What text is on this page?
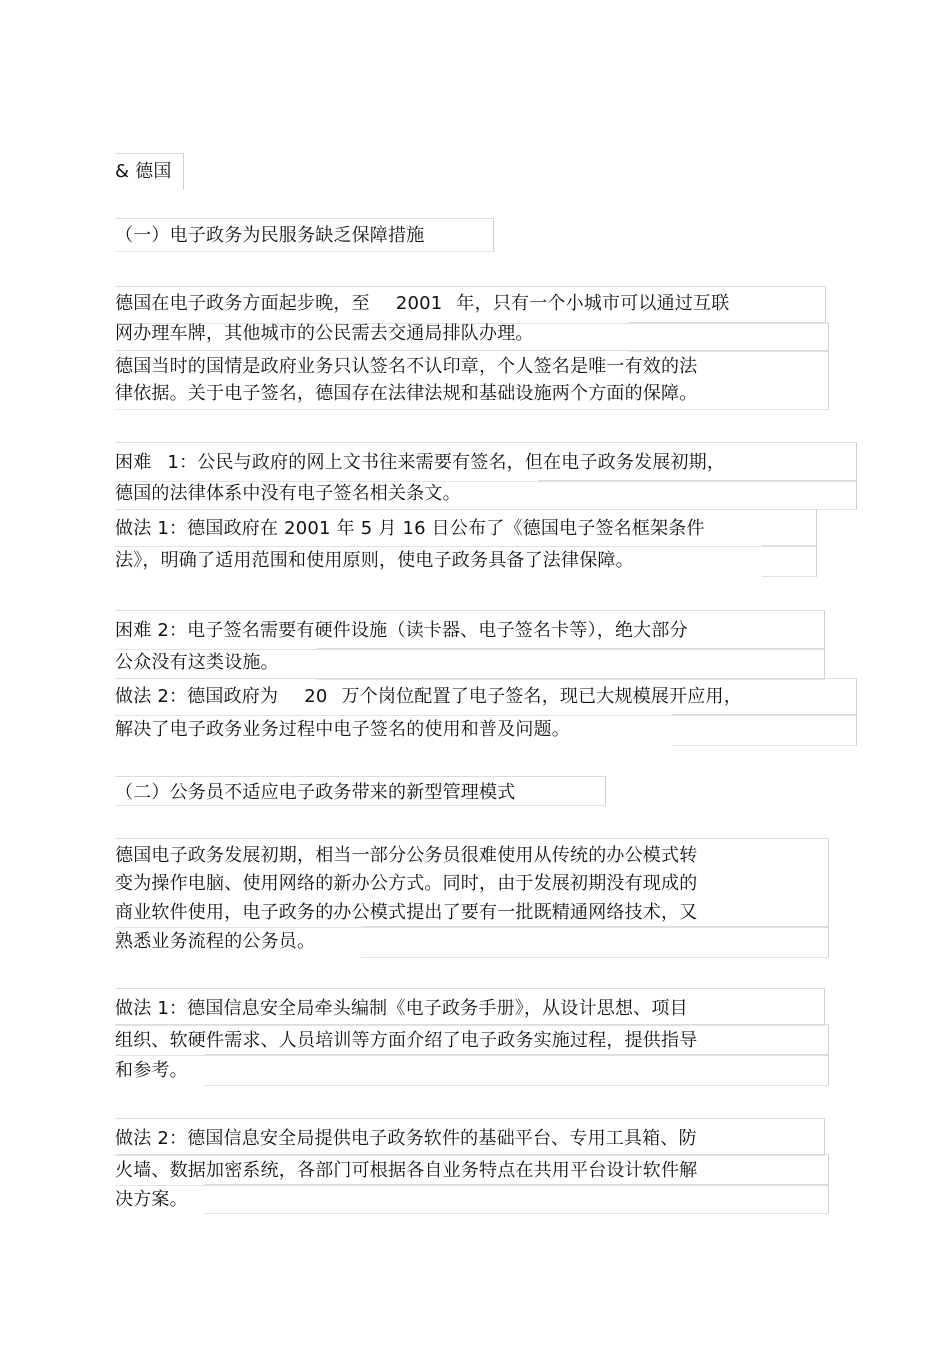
& 德国
（一）电子政务为民服务缺乏保障措施
德国在电子政务方面起步晚，至 2001 年，只有一个小城市可以通过互联
网办理车牌，其他城市的公民需去交通局排队办理。
德国当时的国情是政府业务只认签名不认印章，个人签名是唯一有效的法
律依据。关于电子签名，德国存在法律法规和基础设施两个方面的保障。
困难 1：公民与政府的网上文书往来需要有签名，但在电子政务发展初期，
德国的法律体系中没有电子签名相关条文。
做法 1：德国政府在 2001 年 5 月 16 日公布了《德国电子签名框架条件
法》，明确了适用范围和使用原则，使电子政务具备了法律保障。
困难 2：电子签名需要有硬件设施（读卡器、电子签名卡等），绝大部分
公众没有这类设施。
做法 2：德国政府为 20 万个岗位配置了电子签名，现已大规模展开应用，
解决了电子政务业务过程中电子签名的使用和普及问题。
（二）公务员不适应电子政务带来的新型管理模式
德国电子政务发展初期，相当一部分公务员很难使用从传统的办公模式转
变为操作电脑、使用网络的新办公方式。同时，由于发展初期没有现成的
商业软件使用，电子政务的办公模式提出了要有一批既精通网络技术，又
熟悉业务流程的公务员。
做法 1：德国信息安全局牵头编制《电子政务手册》，从设计思想、项目
组织、软硬件需求、人员培训等方面介绍了电子政务实施过程，提供指导
和参考。
做法 2：德国信息安全局提供电子政务软件的基础平台、专用工具箱、防
火墙、数据加密系统，各部门可根据各自业务特点在共用平台设计软件解
决方案。
